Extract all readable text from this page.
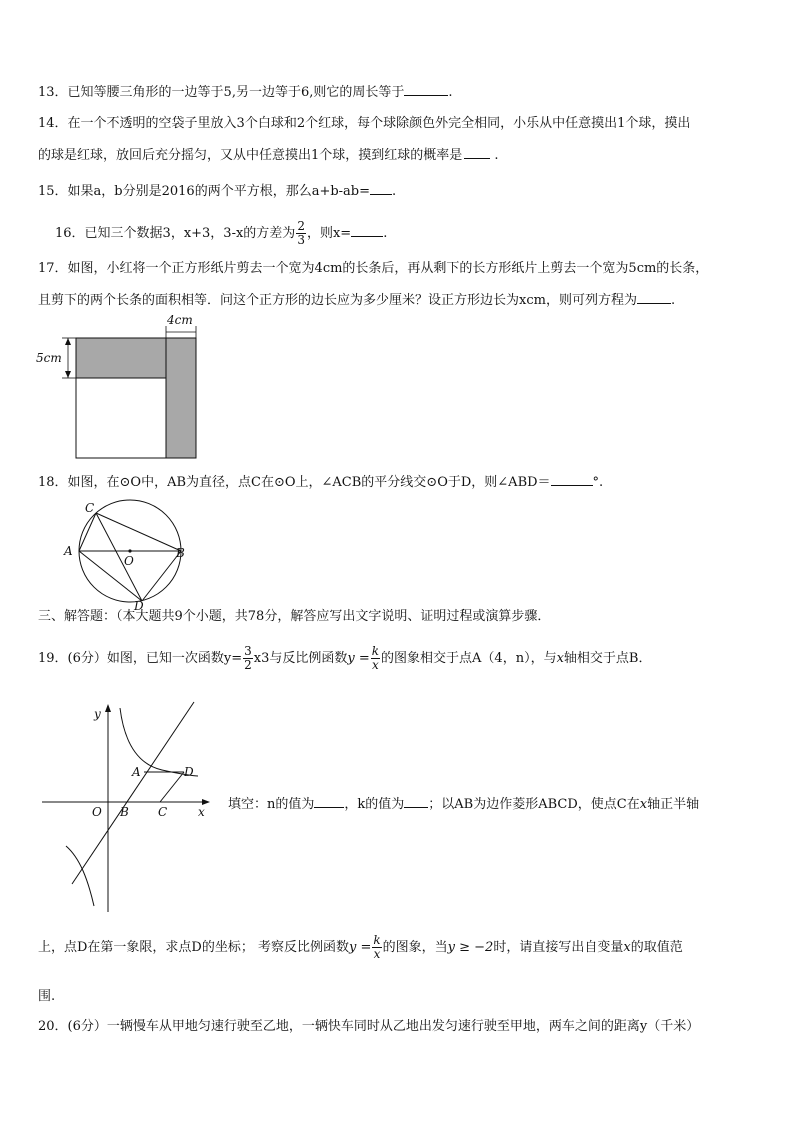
13．已知等腰三角形的一边等于5,另一边等于6,则它的周长等于	.
14．在一个不透明的空袋子里放入3个白球和2个红球，每个球除颜色外完全相同，小乐从中任意摸出1个球，摸出
的球是红球，放回后充分摇匀，又从中任意摸出1个球，摸到红球的概率是 .
15．如果a，b分别是2016的两个平方根，那么a+b-ab= .
16．已知三个数据3，x+3，3-x的方差为 $\frac{2}{3}$ ，则x= .
17．如图，小红将一个正方形纸片剪去一个宽为4cm的长条后，再从剩下的长方形纸片上剪去一个宽为5cm的长条，
且剪下的两个长条的面积相等．问这个正方形的边长应为多少厘米？设正方形边长为xcm，则可列方程为	.
4cm
5cm
18．如图，在⊙O中，AB为直径，点C在⊙O上，∠ACB的平分线交⊙O于D，则∠ABD＝	°.
C
A
O
B
D
三、解答题：（本大题共9个小题，共78分，解答应写出文字说明、证明过程或演算步骤．
19．(6分）如图，已知一次函数$y= \frac{3}{2} x3$与反比例函数$y = \frac{k}{x}$ 的图象相交于点A（4，n），与x轴相交于点B．
y
A	D
O B C	x 填空：n的值为 ，k的值为 ；以AB为边作菱形ABCD，使点C在x轴正半轴
上，点D在第一象限，求点D的坐标； 考察反比例函数$y = \frac{k}{x}$ 的图象，当y ≥ −2时，请直接写出自变量x的取值范
围.
20．(6分）一辆慢车从甲地匀速行驶至乙地，一辆快车同时从乙地出发匀速行驶至甲地，两车之间的距离y（千米）
